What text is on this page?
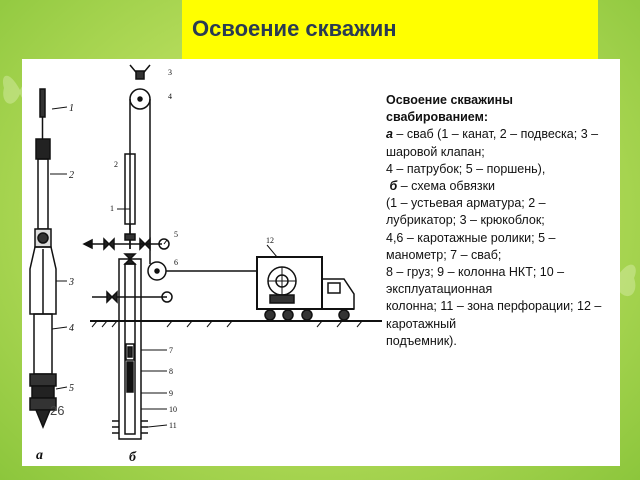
Освоение скважин
1
2
3
4
5
а
3
4
2
1
5
6
7
8
9
10
11
12
б
Освоение скважины
свабированием:
а – сваб (1 – канат, 2 – подвеска; 3 –
шаровой клапан;
4 – патрубок; 5 – поршень),
б – схема обвязки
(1 – устьевая арматура; 2 –
лубрикатор; 3 – крюкоблок;
4,6 – каротажные ролики; 5 –
манометр; 7 – сваб;
8 – груз; 9 – колонна НКТ; 10 –
эксплуатационная
колонна; 11 – зона перфорации; 12 –
каротажный
подъемник).
26
